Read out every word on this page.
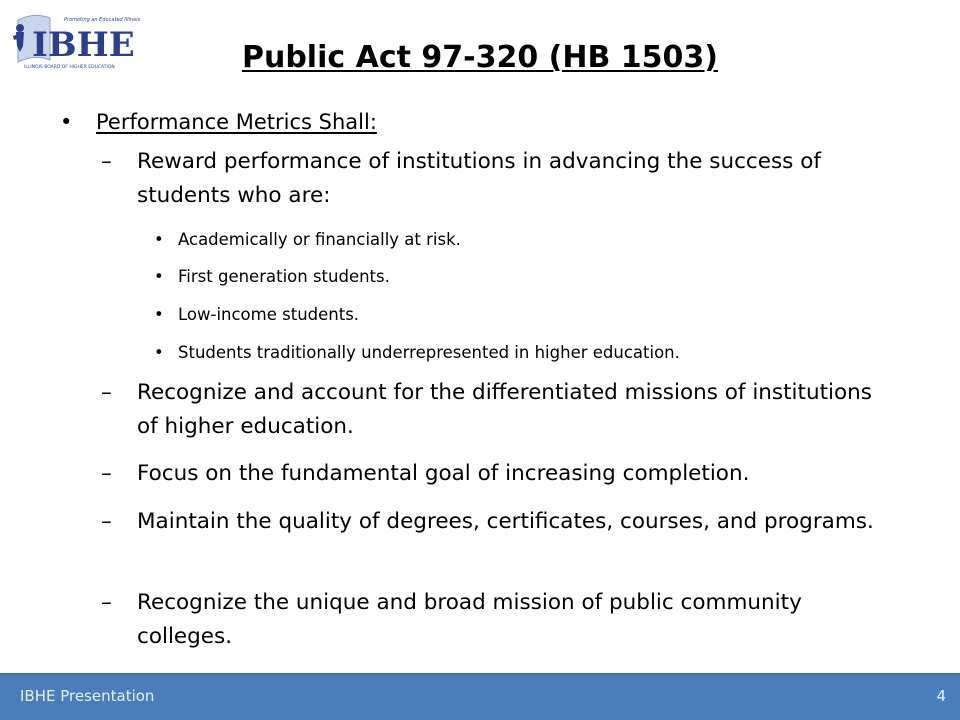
IBHE
Promoting an Educated Illinois
ILLINOIS BOARD OF HIGHER EDUCATION	Public Act 97-320 (HB 1503)
• Performance Metrics Shall:
– Reward performance of institutions in advancing the success of students who are:
• Academically or financially at risk.
• First generation students.
• Low-income students.
• Students traditionally underrepresented in higher education.
– Recognize and account for the differentiated missions of institutions of higher education.
– Focus on the fundamental goal of increasing completion.
– Maintain the quality of degrees, certificates, courses, and programs.
– Recognize the unique and broad mission of public community colleges.
IBHE Presentation	4
